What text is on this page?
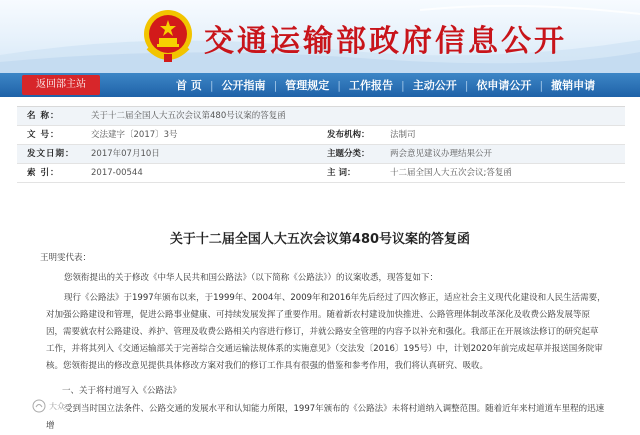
交通运输部政府信息公开
返回部主站	首 页 | 公开指南 | 管理规定 | 工作报告 | 主动公开 | 依申请公开 | 撤销申请
名 称：	关于十二届全国人大五次会议第480号议案的答复函
文 号：	交法建字〔2017〕3号	发布机构： 法制司
发文日期： 2017年07月10日	主题分类： 两会意见建议办理结果公开
索 引：	2017-00544	主 词：	十二届全国人大五次会议;答复函
关于十二届全国人大五次会议第480号议案的答复函
王明雯代表：
您领衔提出的关于修改《中华人民共和国公路法》（以下简称《公路法》）的议案收悉，现答复如下：
现行《公路法》于1997年颁布以来，于1999年、2004年、2009年和2016年先后经过了四次修正，适应社会主义现代化建设和人民生活需要，对加强公路建设和管理，促进公路事业健康、可持续发展发挥了重要作用。随着新农村建设加快推进、公路管理体制改革深化及收费公路发展等原因，需要就农村公路建设、养护、管理及收费公路相关内容进行修订，并就公路安全管理的内容予以补充和强化。我部正在开展该法修订的研究起草工作，并将其列入《交通运输部关于完善综合交通运输法规体系的实施意见》（交法发〔2016〕195号）中，计划2020年前完成起草并报送国务院审核。您领衔提出的修改意见提供具体修改方案对我们的修订工作具有很强的借鉴和参考作用，我们将认真研究、吸收。
一、关于将村道写入《公路法》
受到当时国立法条件、公路交通的发展水平和认知能力所限，1997年颁布的《公路法》未将村道纳入调整范围。随着近年来村道道车里程的迅速增
大众
